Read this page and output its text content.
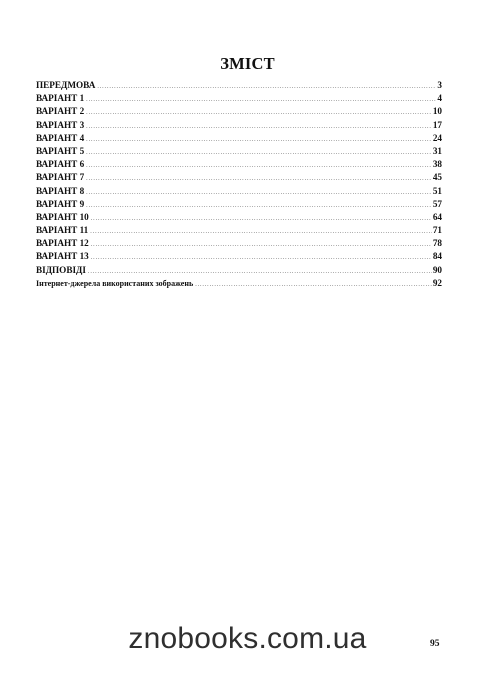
ЗМІСТ
ПЕРЕДМОВА .....	3
ВАРІАНТ 1 .....	4
ВАРІАНТ 2 .....	10
ВАРІАНТ 3 .....	17
ВАРІАНТ 4 .....	24
ВАРІАНТ 5 .....	31
ВАРІАНТ 6 .....	38
ВАРІАНТ 7 .....	45
ВАРІАНТ 8 .....	51
ВАРІАНТ 9 .....	57
ВАРІАНТ 10 .....	64
ВАРІАНТ 11 .....	71
ВАРІАНТ 12 .....	78
ВАРІАНТ 13 .....	84
ВІДПОВІДІ .....	90
Інтернет-джерела використаних зображень .....	92
znobooks.com.ua	95
